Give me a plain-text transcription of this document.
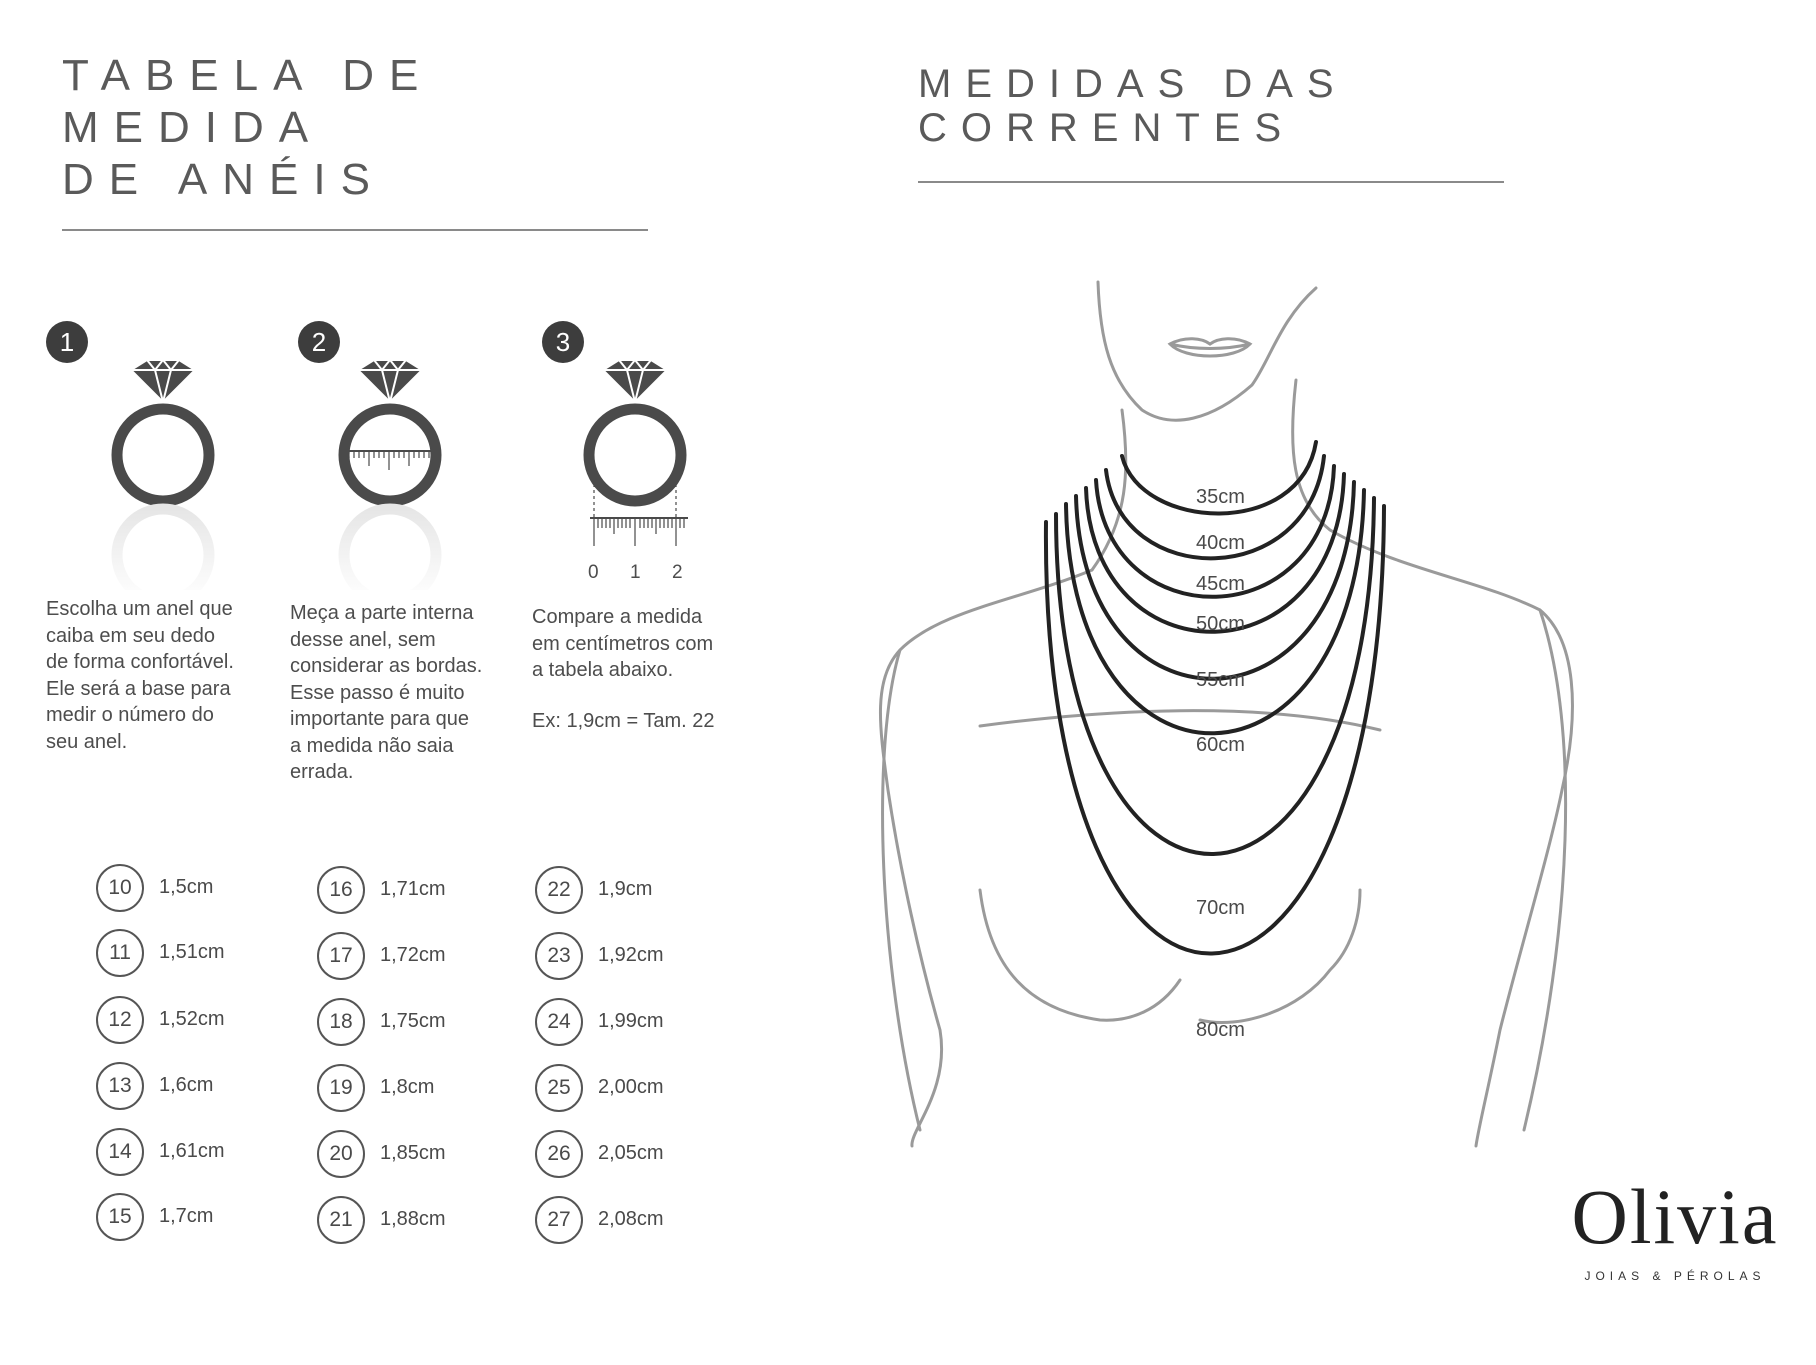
TABELA DE
MEDIDA
DE ANÉIS
1

Escolha um anel que
caiba em seu dedo
de forma confortável.
Ele será a base para
medir o número do
seu anel.

2

Meça a parte interna
desse anel, sem
considerar as bordas.
Esse passo é muito
importante para que
a medida não saia
errada.

3
0 1 2

Compare a medida
em centímetros com
a tabela abaixo.

Ex: 1,9cm = Tam. 22

10	1,5cm
11	1,51cm
12	1,52cm
13	1,6cm
14	1,61cm
15	1,7cm
16	1,71cm
17	1,72cm
18	1,75cm
19	1,8cm
20	1,85cm
21	1,88cm
22	1,9cm
23	1,92cm
24	1,99cm
25	2,00cm
26	2,05cm
27	2,08cm
MEDIDAS DAS
CORRENTES
35cm
40cm
45cm
50cm
55cm
60cm
70cm
80cm
Olivia
JOIAS & PÉROLAS
